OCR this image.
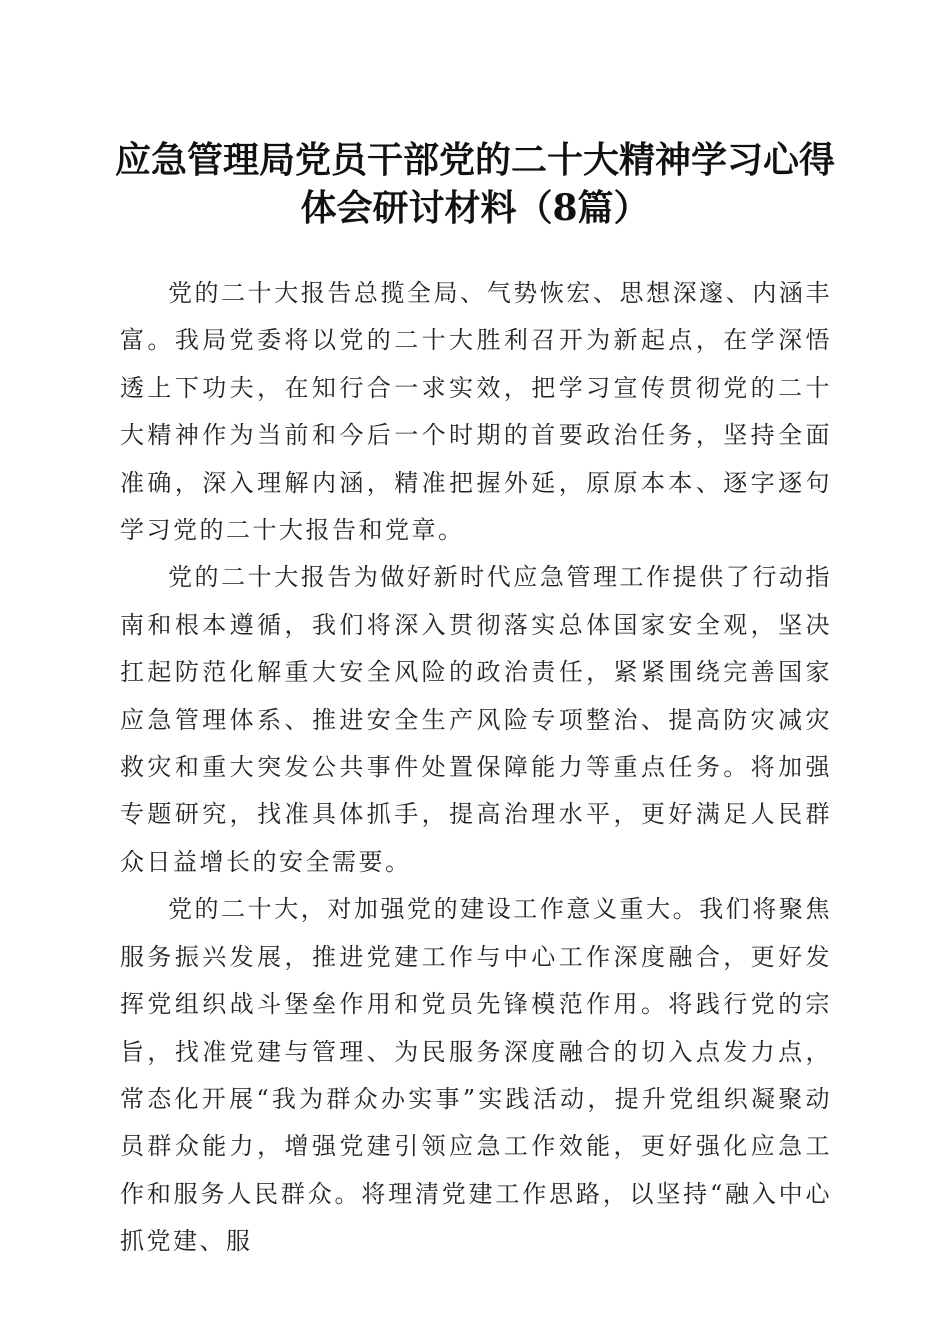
应急管理局党员干部党的二十大精神学习心得
体会研讨材料（8篇）

党的二十大报告总揽全局、气势恢宏、思想深邃、内涵丰富。我局党委将以党的二十大胜利召开为新起点，在学深悟透上下功夫，在知行合一求实效，把学习宣传贯彻党的二十大精神作为当前和今后一个时期的首要政治任务，坚持全面准确，深入理解内涵，精准把握外延，原原本本、逐字逐句学习党的二十大报告和党章。

党的二十大报告为做好新时代应急管理工作提供了行动指南和根本遵循，我们将深入贯彻落实总体国家安全观，坚决扛起防范化解重大安全风险的政治责任，紧紧围绕完善国家应急管理体系、推进安全生产风险专项整治、提高防灾减灾救灾和重大突发公共事件处置保障能力等重点任务。将加强专题研究，找准具体抓手，提高治理水平，更好满足人民群众日益增长的安全需要。

党的二十大，对加强党的建设工作意义重大。我们将聚焦服务振兴发展，推进党建工作与中心工作深度融合，更好发挥党组织战斗堡垒作用和党员先锋模范作用。将践行党的宗旨，找准党建与管理、为民服务深度融合的切入点发力点，常态化开展“我为群众办实事”实践活动，提升党组织凝聚动员群众能力，增强党建引领应急工作效能，更好强化应急工作和服务人民群众。将理清党建工作思路，以坚持“融入中心抓党建、服
